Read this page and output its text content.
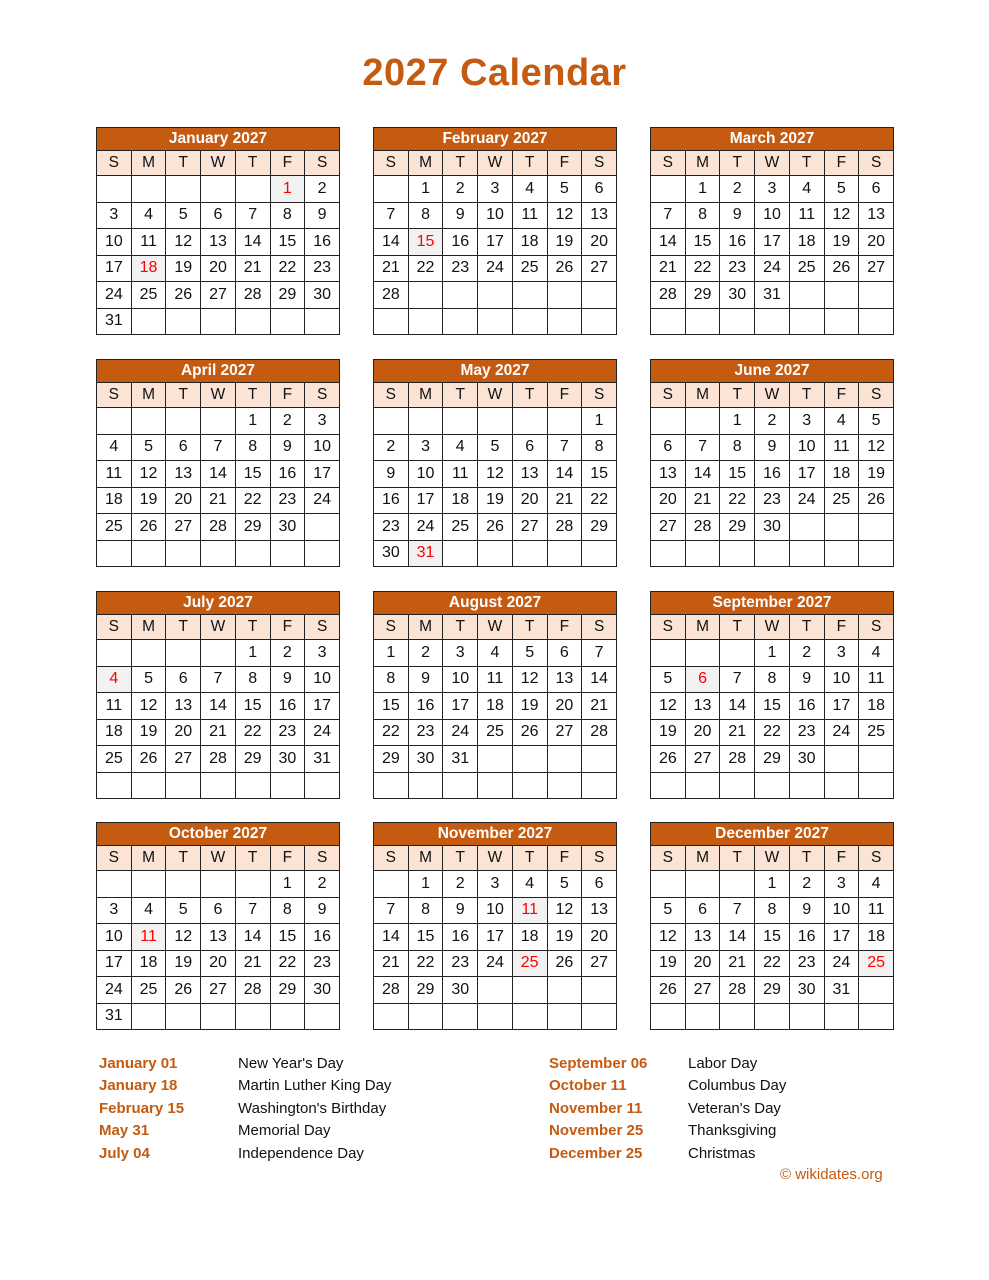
2027 Calendar
January 2027						
S	M	T	W	T	F	S
					1	2
3	4	5	6	7	8	9
10	11	12	13	14	15	16
17	18	19	20	21	22	23
24	25	26	27	28	29	30
31						
February 2027						
S	M	T	W	T	F	S
	1	2	3	4	5	6
7	8	9	10	11	12	13
14	15	16	17	18	19	20
21	22	23	24	25	26	27
28						

March 2027						
S	M	T	W	T	F	S
	1	2	3	4	5	6
7	8	9	10	11	12	13
14	15	16	17	18	19	20
21	22	23	24	25	26	27
28	29	30	31			

April 2027						
S	M	T	W	T	F	S
				1	2	3
4	5	6	7	8	9	10
11	12	13	14	15	16	17
18	19	20	21	22	23	24
25	26	27	28	29	30	

May 2027						
S	M	T	W	T	F	S
						1
2	3	4	5	6	7	8
9	10	11	12	13	14	15
16	17	18	19	20	21	22
23	24	25	26	27	28	29
30	31					
June 2027						
S	M	T	W	T	F	S
		1	2	3	4	5
6	7	8	9	10	11	12
13	14	15	16	17	18	19
20	21	22	23	24	25	26
27	28	29	30			

July 2027						
S	M	T	W	T	F	S
				1	2	3
4	5	6	7	8	9	10
11	12	13	14	15	16	17
18	19	20	21	22	23	24
25	26	27	28	29	30	31

August 2027						
S	M	T	W	T	F	S
1	2	3	4	5	6	7
8	9	10	11	12	13	14
15	16	17	18	19	20	21
22	23	24	25	26	27	28
29	30	31				

September 2027						
S	M	T	W	T	F	S
			1	2	3	4
5	6	7	8	9	10	11
12	13	14	15	16	17	18
19	20	21	22	23	24	25
26	27	28	29	30		

October 2027						
S	M	T	W	T	F	S
					1	2
3	4	5	6	7	8	9
10	11	12	13	14	15	16
17	18	19	20	21	22	23
24	25	26	27	28	29	30
31						
November 2027						
S	M	T	W	T	F	S
	1	2	3	4	5	6
7	8	9	10	11	12	13
14	15	16	17	18	19	20
21	22	23	24	25	26	27
28	29	30				

December 2027						
S	M	T	W	T	F	S
			1	2	3	4
5	6	7	8	9	10	11
12	13	14	15	16	17	18
19	20	21	22	23	24	25
26	27	28	29	30	31	

January 01	New Year's Day
January 18	Martin Luther King Day
February 15	Washington's Birthday
May 31	Memorial Day
July 04	Independence Day
September 06	Labor Day
October 11	Columbus Day
November 11	Veteran's Day
November 25	Thanksgiving
December 25	Christmas
© wikidates.org
